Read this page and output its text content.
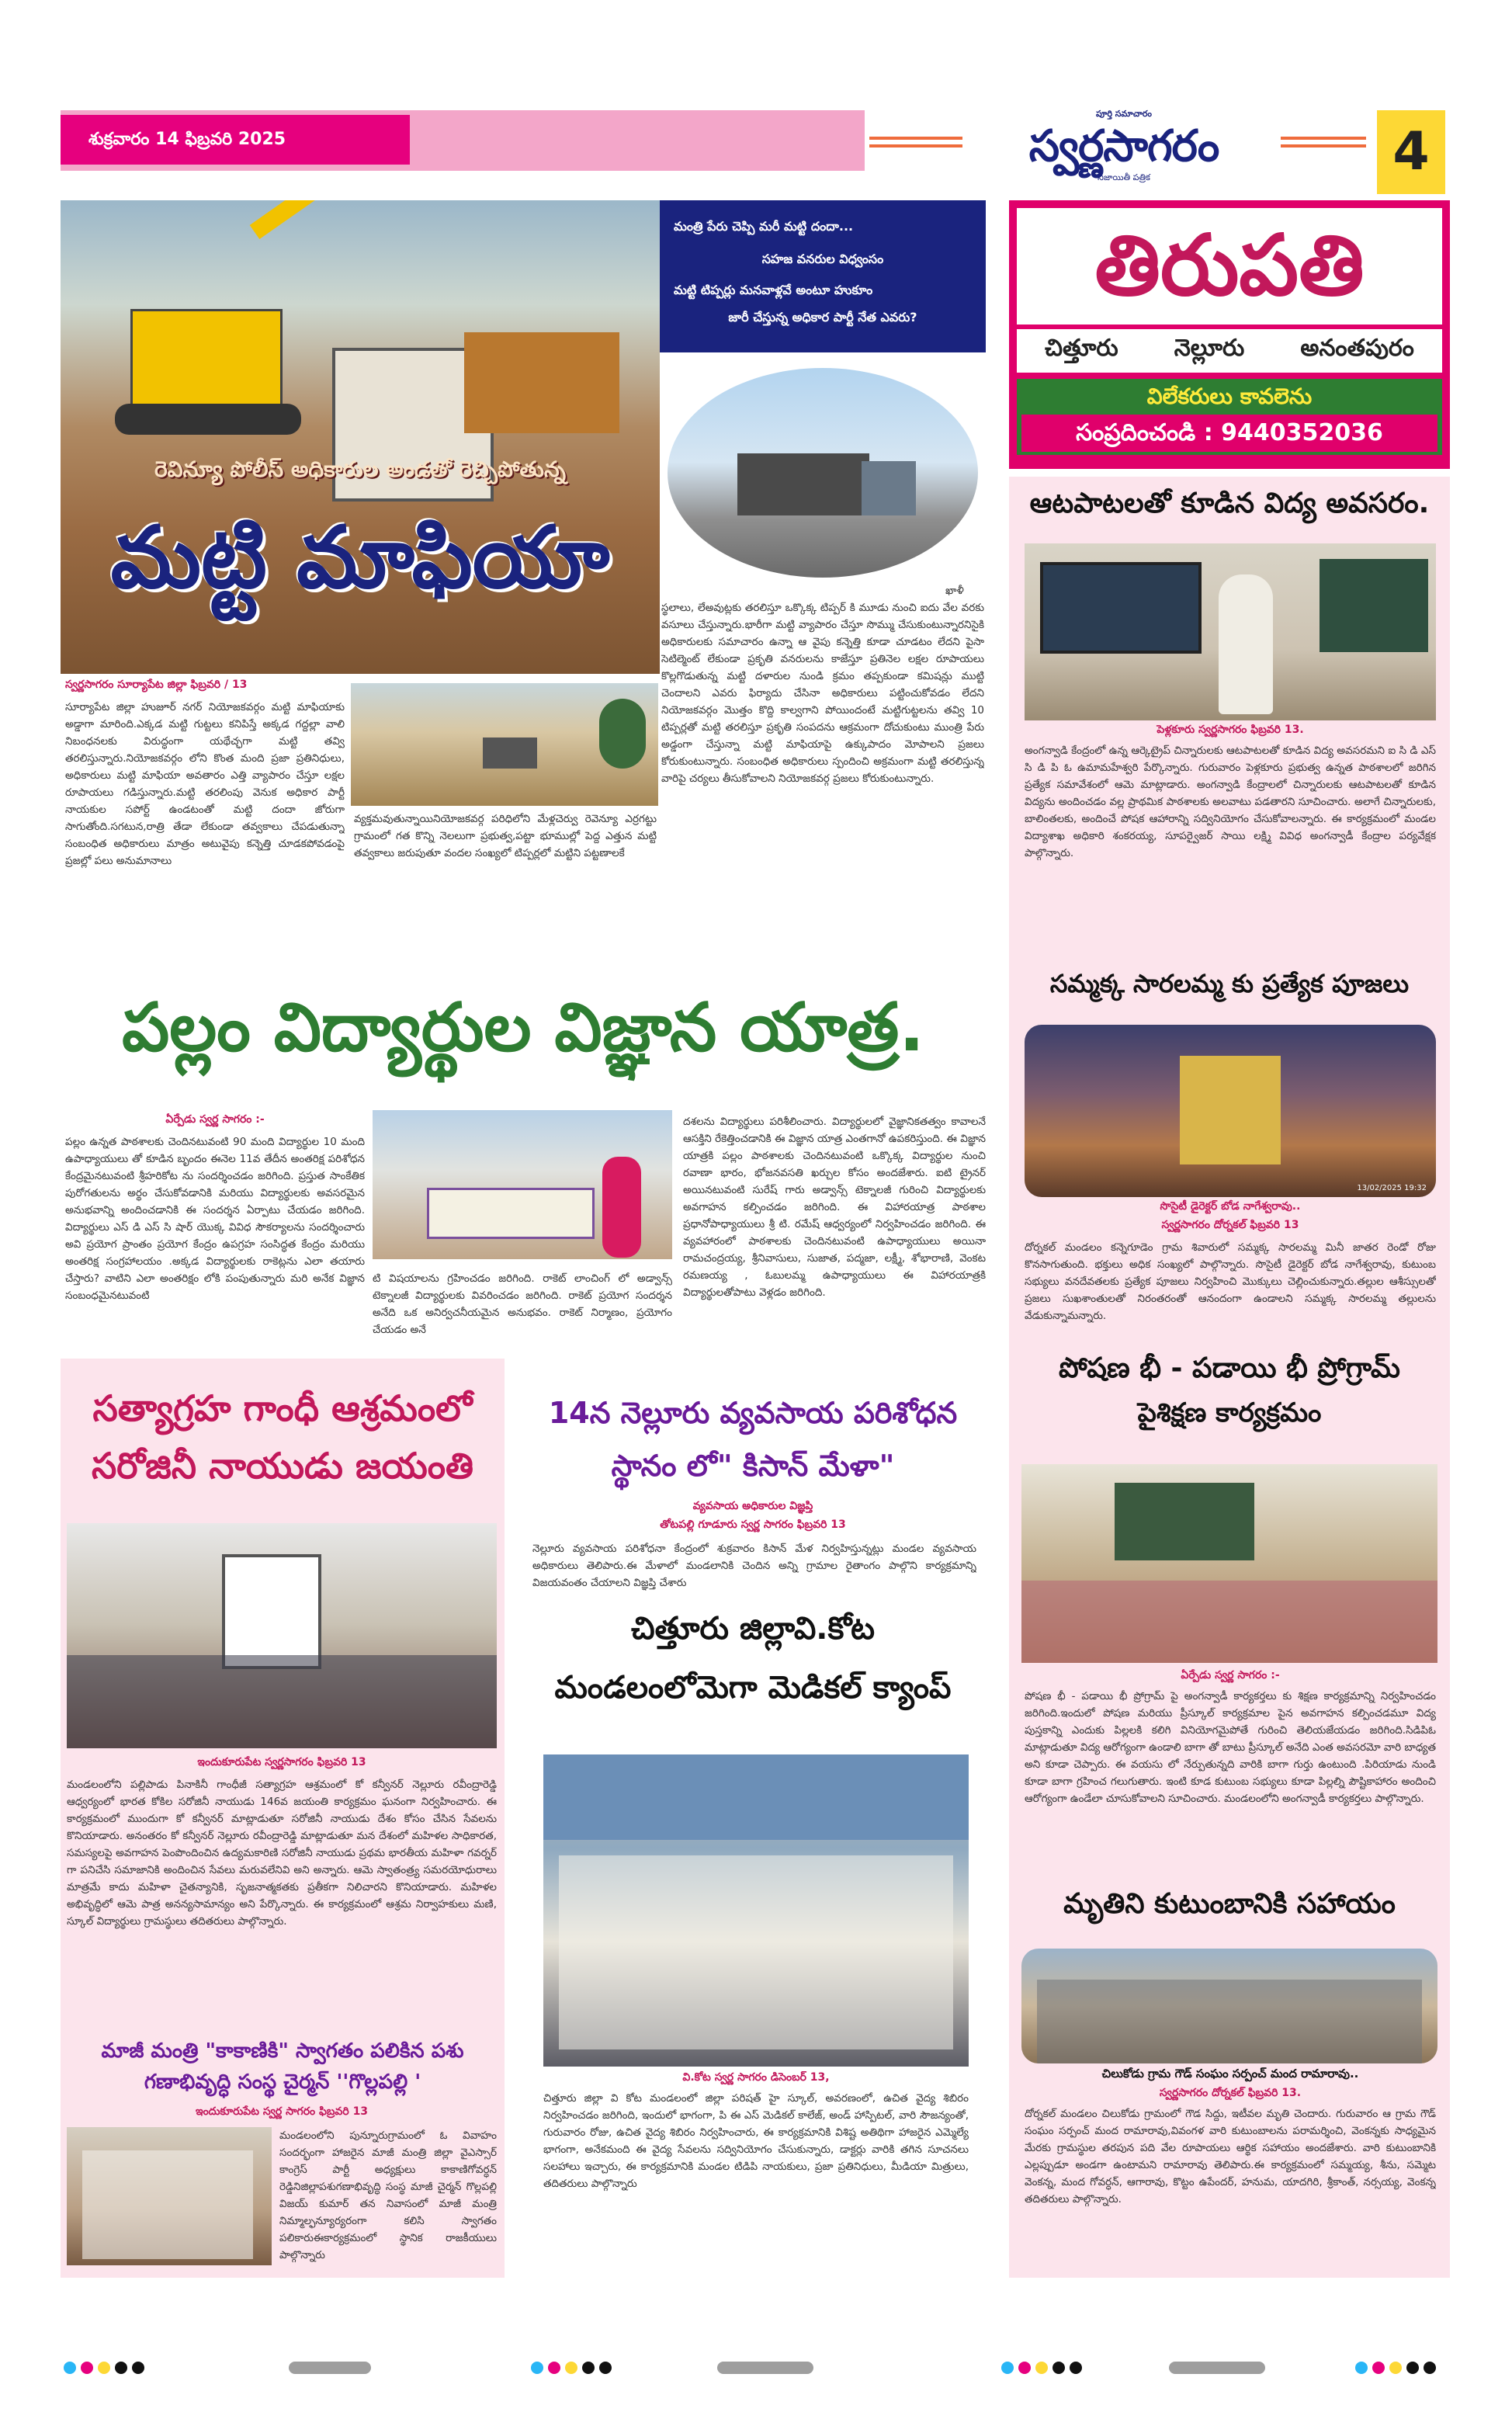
శుక్రవారం 14 ఫిబ్రవరి 2025
పూర్తి సమాచారం
స్వర్ణసాగరం
నిజాయితీ పత్రిక	4
రెవిన్యూ పోలీస్ అధికారుల అండతో రెచ్చిపోతున్న
మట్టి మాఫియా
మంత్రి పేరు చెప్పి మరీ మట్టి దందా...
సహజ వనరుల విధ్వంసం
మట్టి టిప్పర్లు మనవాళ్లవే అంటూ హుకూం
జారీ చేస్తున్న అధికార పార్టీ నేత ఎవరు?
ఖాళీ
స్థలాలు, లేఅవుట్లకు తరలిస్తూ ఒక్కొక్క టిప్పర్ కి మూడు నుంచి ఐదు వేల వరకు వసూలు చేస్తున్నారు.భారీగా మట్టి వ్యాపారం చేస్తూ సొమ్ము చేసుకుంటున్నారనిసైకి అధికారులకు సమాచారం ఉన్నా ఆ వైపు కన్నెత్తి కూడా చూడటం లేదని పైసా సెటిల్మెంట్ లేకుండా ప్రకృతి వనరులను కాజేస్తూ ప్రతినెల లక్షల రూపాయలు కొల్లగొడుతున్న మట్టి దళారుల నుండి క్రమం తప్పకుండా కమిషన్లు ముట్టి చెందాలని ఎవరు ఫిర్యాదు చేసినా అధికారులు పట్టించుకోవడం లేదని నియోజకవర్గం మొత్తం కొద్ది కాల్వగాని పోయిందంటే మట్టిగుట్టలను తవ్వి 10 టిప్పర్లతో మట్టి తరలిస్తూ ప్రకృతి సంపదను ఆక్రమంగా దోచుకుంటు ముంత్రి పేరు అడ్డంగా చేస్తున్నా మట్టి మాఫియాపై ఉక్కుపాదం మోపాలని ప్రజలు కోరుకుంటున్నారు. సంబంధిత అధికారులు స్పందించి అక్రమంగా మట్టి తరలిస్తున్న వారిపై చర్యలు తీసుకోవాలని నియోజకవర్గ ప్రజలు కోరుకుంటున్నారు.
స్వర్ణసాగరం సూర్యాపేట జిల్లా ఫిబ్రవరి / 13
సూర్యాపేట జిల్లా హుజూర్ నగర్ నియోజకవర్గం మట్టి మాఫియాకు అడ్డాగా మారింది.ఎక్కడ మట్టి గుట్టలు కనిపిస్తే అక్కడ గద్దల్లా వాలి నిబంధనలకు విరుద్ధంగా యథేచ్ఛగా మట్టి తవ్వి తరలిస్తున్నారు.నియోజకవర్గం లోని కొంత మంది ప్రజా ప్రతినిధులు, అధికారులు మట్టి మాఫియా అవతారం ఎత్తి వ్యాపారం చేస్తూ లక్షల రూపాయలు గడిస్తున్నారు.మట్టి తరలింపు వెనుక అధికార పార్టీ నాయకుల సపోర్ట్ ఉండటంతో మట్టి దందా జోరుగా సాగుతోంది.సగటున,రాత్రి తేడా లేకుండా తవ్వకాలు చేపడుతున్నా సంబంధిత అధికారులు మాత్రం అటువైపు కన్నెత్తి చూడకపోవడంపై ప్రజల్లో పలు అనుమానాలు
వ్యక్తమవుతున్నాయినియోజకవర్గ పరిధిలోని మేళ్లచెర్వు రెవెన్యూ ఎర్రగట్టు గ్రామంలో గత కొన్ని నెలలుగా ప్రభుత్వ,పట్టా భూముల్లో పెద్ద ఎత్తున మట్టి తవ్వకాలు జరుపుతూ వందల సంఖ్యలో టిప్పర్లలో మట్టిని పట్టణాలకే
తిరుపతి
చిత్తూరు నెల్లూరు అనంతపురం
విలేకరులు కావలెను
సంప్రదించండి : 9440352036
ఆటపాటలతో కూడిన విద్య అవసరం.
పెళ్లకూరు స్వర్ణసాగరం ఫిబ్రవరి 13.
అంగన్వాడి కేంద్రంలో ఉన్న ఆర్కెట్రైప్ చిన్నారులకు ఆటపాటలతో కూడిన విద్య అవసరమని ఐ సి డి ఎస్ సి డి పి ఓ ఉమామహేశ్వరి పేర్కొన్నారు. గురువారం పెళ్లకూరు ప్రభుత్వ ఉన్నత పాఠశాలలో జరిగిన ప్రత్యేక సమావేశంలో ఆమె మాట్లాడారు. అంగన్వాడి కేంద్రాలలో చిన్నారులకు ఆటపాటలతో కూడిన విద్యను అందించడం వల్ల ప్రాథమిక పాఠశాలకు అలవాటు పడతారని సూచించారు. అలాగే చిన్నారులకు, బాలింతలకు, అందించే పోషక ఆహారాన్ని సద్వినియోగం చేసుకోవాలన్నారు. ఈ కార్యక్రమంలో మండల విద్యాశాఖ అధికారి శంకరయ్య, సూపర్వైజర్ సాయి లక్ష్మి వివిధ అంగన్వాడీ కేంద్రాల పర్యవేక్షక పాల్గొన్నారు.
సమ్మక్క సారలమ్మ కు ప్రత్యేక పూజలు
13/02/2025 19:32
సొసైటీ డైరెక్టర్ బోడ నాగేశ్వరావు..
స్వర్ణసాగరం దోర్నకల్ ఫిబ్రవరి 13
దోర్నకల్ మండలం కన్నెగూడెం గ్రామ శివారులో సమ్మక్క సారలమ్మ మినీ జాతర రెండో రోజు కొనసాగుతుంది. భక్తులు అధిక సంఖ్యలో పాల్గొన్నారు. సొసైటీ డైరెక్టర్ బోడ నాగేశ్వరావు, కుటుంబ సభ్యులు వనదేవతలకు ప్రత్యేక పూజలు నిర్వహించి మొక్కులు చెల్లించుకున్నారు.తల్లుల ఆశీస్సులతో ప్రజలు సుఖశాంతులతో నిరంతరంతో ఆనందంగా ఉండాలని సమ్మక్క సారలమ్మ తల్లులను వేడుకున్నామన్నారు.
పోషణ భీ - పడాయి భీ ప్రోగ్రామ్
పైశిక్షణ కార్యక్రమం
ఏర్పేడు స్వర్ణ సాగరం :-
పోషణ భీ - పడాయి భీ ప్రోగ్రామ్ పై అంగన్వాడీ కార్యకర్తలు కు శిక్షణ కార్యక్రమాన్ని నిర్వహించడం జరిగింది.ఇందులో పోషణ మరియు ప్రీస్కూల్ కార్యక్రమాల పైన అవగాహన కల్పించడమూ విద్య పుస్తకాన్ని ఎందుకు పిల్లలకి కలిగి వినియోగమైపోతే గురించి తెలియజేయడం జరిగింది.సిడిపిఓ మాట్లాడుతూ విద్య ఆరోగ్యంగా ఉండాలి బాగా తో బాటు ప్రీస్కూల్ అనేది ఎంత అవసరమో వారి బాధ్యత అని కూడా చెప్పారు. ఈ వయసు లో నేర్పుతున్నది వారికి బాగా గుర్తు ఉంటుంది .పిరియాడు నుండి కూడా బాగా గ్రహించ గలుగుతారు. ఇంటి కూడ కుటుంబ సభ్యులు కూడా పిల్లల్ని పౌష్టికాహారం అందించి ఆరోగ్యంగా ఉండేలా చూసుకోవాలని సూచించారు. మండలంలోని అంగన్వాడీ కార్యకర్తలు పాల్గొన్నారు.
మృతిని కుటుంబానికి సహాయం
చిలుకోడు గ్రామ గౌడ్ సంఘం సర్పంచ్ మంద రామారావు..
స్వర్ణసాగరం దోర్నకల్ ఫిబ్రవరి 13.
దోర్నకల్ మండలం చిలుకోడు గ్రామంలో గౌడ సిద్దు, ఇటీవల మృతి చెందారు. గురువారం ఆ గ్రామ గౌడ్ సంఘం సర్పంచ్ మంద రామారావు,వివంగళ వారి కుటుంబాలను పరామర్శించి, వెంకన్నకు సాధ్యమైన మేరకు గ్రామస్థుల తరపున పది వేల రూపాయలు ఆర్థిక సహాయం అందజేశారు. వారి కుటుంబానికి ఎల్లప్పుడూ అండగా ఉంటామని రామారావు తెలిపారు.ఈ కార్యక్రమంలో సమ్మయ్య, శీను, సమ్మెట వెంకన్న, మంద గోవర్ధన్, ఆగారావు, కొట్టం ఉపేందర్, హనుమ, యాదగిరి, శ్రీకాంత్, నర్సయ్య, వెంకన్న తదితరులు పాల్గొన్నారు.
పల్లం విద్యార్థుల విజ్ఞాన యాత్ర.
ఏర్పేడు స్వర్ణ సాగరం :-
పల్లం ఉన్నత పాఠశాలకు చెందినటువంటి 90 మంది విద్యార్థుల 10 మంది ఉపాధ్యాయులు తో కూడిన బృందం ఈనెల 11వ తేదీన అంతరిక్ష పరిశోధన కేంద్రమైనటువంటి శ్రీహరికోట ను సందర్శించడం జరిగింది. ప్రస్తుత సాంకేతిక పురోగతులను అర్థం చేసుకోవడానికి మరియు విద్యార్థులకు అవసరమైన అనుభవాన్ని అందించడానికి ఈ సందర్శన ఏర్పాటు చేయడం జరిగింది. విద్యార్థులు ఎస్ డి ఎస్ సి షార్ యొక్క వివిధ సౌకర్యాలను సందర్శించారు అవి ప్రయోగ ప్రాంతం ప్రయోగ కేంద్రం ఉపగ్రహ సంసిద్ధత కేంద్రం మరియు అంతరిక్ష సంగ్రహాలయం .అక్కడ విద్యార్థులకు రాకెట్లను ఎలా తయారు చేస్తారు? వాటిని ఎలా అంతరిక్షం లోకి పంపుతున్నారు మరి అనేక విజ్ఞాన సంబంధమైనటువంటి
టి విషయాలను గ్రహించడం జరిగింది. రాకెట్ లాంచింగ్ లో అడ్వాన్స్ టెక్నాలజీ విద్యార్థులకు వివరించడం జరిగింది. రాకెట్ ప్రయోగ సందర్శన అనేది ఒక అనిర్వచనీయమైన అనుభవం. రాకెట్ నిర్మాణం, ప్రయోగం చేయడం అనే
దశలను విద్యార్థులు పరిశీలించారు. విద్యార్థులలో వైజ్ఞానికతత్వం కావాలనే ఆసక్తిని రేకెత్తించడానికి ఈ విజ్ఞాన యాత్ర ఎంతగానో ఉపకరిస్తుంది. ఈ విజ్ఞాన యాత్రకి పల్లం పాఠశాలకు చెందినటువంటి ఒక్కొక్క విద్యార్థుల నుంచి రవాణా భారం, భోజనవసతి ఖర్చుల కోసం అందజేశారు. ఐటి ట్రైనర్ అయినటువంటి సురేష్ గారు అడ్వాన్స్ టెక్నాలజీ గురించి విద్యార్థులకు అవగాహన కల్పించడం జరిగింది. ఈ విహారయాత్ర పాఠశాల ప్రధానోపాధ్యాయులు శ్రీ టి. రమేష్ ఆధ్వర్యంలో నిర్వహించడం జరిగింది. ఈ వ్యవహారంలో పాఠశాలకు చెందినటువంటి ఉపాధ్యాయులు అయినా రామచంద్రయ్య, శ్రీనివాసులు, సుజాత, పద్మజా, లక్ష్మీ, శోభారాణి, వెంకట రమణయ్య , ఓబులమ్మ ఉపాధ్యాయులు ఈ విహారయాత్రకి విద్యార్థులతోపాటు వెళ్లడం జరిగింది.
సత్యాగ్రహ గాంధీ ఆశ్రమంలో
సరోజినీ నాయుడు జయంతి
ఇందుకూరుపేట స్వర్ణసాగరం ఫిబ్రవరి 13
మండలంలోని పల్లిపాడు పినాకినీ గాంధీజీ సత్యాగ్రహ ఆశ్రమంలో కో కన్వీనర్ నెల్లూరు రవీంద్రారెడ్డి ఆధ్వర్యంలో భారత కోకిల సరోజినీ నాయుడు 146వ జయంతి కార్యక్రమం ఘనంగా నిర్వహించారు. ఈ కార్యక్రమంలో ముందుగా కో కన్వీనర్ మాట్లాడుతూ సరోజినీ నాయుడు దేశం కోసం చేసిన సేవలను కొనియాడారు. అనంతరం కో కన్వీనర్ నెల్లూరు రవీంద్రారెడ్డి మాట్లాడుతూ మన దేశంలో మహిళల సాధికారత, సమస్యలపై అవగాహన పెంపొందించిన ఉద్యమకారిణి సరోజినీ నాయుడు ప్రథమ భారతీయ మహిళా గవర్నర్ గా పనిచేసి సమాజానికి అందించిన సేవలు మరువలేనివి అని అన్నారు. ఆమె స్వాతంత్ర్య సమరయోధురాలు మాత్రమే కాదు మహిళా చైతన్యానికి, సృజనాత్మకతకు ప్రతీకగా నిలిచారని కొనియాడారు. మహిళల అభివృద్ధిలో ఆమె పాత్ర అనన్యసామాన్యం అని పేర్కొన్నారు. ఈ కార్యక్రమంలో ఆశ్రమ నిర్వాహకులు మణి, స్కూల్ విద్యార్థులు గ్రామస్థులు తదితరులు పాల్గొన్నారు.
మాజీ మంత్రి "కాకాణికి" స్వాగతం పలికిన పశు
గణాభివృద్ధి సంస్థ చైర్మన్ ''గొల్లపల్లి '
ఇందుకూరుపేట స్వర్ణ సాగరం ఫిబ్రవరి 13
మండలంలోని పున్నూరుగ్రామంలో ఓ వివాహం సందర్భంగా హాజరైన మాజీ మంత్రి జిల్లా వైఎస్సార్ కాంగ్రెస్ పార్టీ అధ్యక్షులు కాకాణిగోవర్ధన్ రెడ్డినిజిల్లాపశుగణాభివృద్ధి సంస్థ మాజీ చైర్మన్ గొల్లపల్లి విజయ్ కుమార్ తన నివాసంలో మాజీ మంత్రి నిమ్మాల్ఫన్యూర్యరంగా కలిసి స్వాగతం పలికారుఈకార్యక్రమంలో స్థానిక రాజకీయులు పాల్గొన్నారు
14న నెల్లూరు వ్యవసాయ పరిశోధన
స్థానం లో" కిసాన్ మేళా"
వ్యవసాయ అధికారుల విజ్ఞప్తి
తోటపల్లి గూడూరు స్వర్ణ సాగరం ఫిబ్రవరి 13
నెల్లూరు వ్యవసాయ పరిశోధనా కేంద్రంలో శుక్రవారం కిసాన్ మేళ నిర్వహిస్తున్నట్లు మండల వ్యవసాయ అధికారులు తెలిపారు.ఈ మేళాలో మండలానికి చెందిన అన్ని గ్రామాల రైతాంగం పాల్గొని కార్యక్రమాన్ని విజయవంతం చేయాలని విజ్ఞప్తి చేశారు
చిత్తూరు జిల్లావి.కోట
మండలంలోమెగా మెడికల్ క్యాంప్
వి.కోట స్వర్ణ సాగరం డిసెంబర్ 13,
చిత్తూరు జిల్లా వి కోట మండలంలో జిల్లా పరిషత్ హై స్కూల్, అవరణంలో, ఉచిత వైద్య శిబిరం నిర్వహించడం జరిగింది, ఇందులో భాగంగా, పి ఈ ఎస్ మెడికల్ కాలేజ్, అండ్ హాస్పిటల్, వారి సౌజన్యంతో, గురువారం రోజు, ఉచిత వైద్య శిబిరం నిర్వహించారు, ఈ కార్యక్రమానికి విశిష్ట అతిథిగా హాజరైన ఎమ్మెల్యే భాగంగా, అనేకమంది ఈ వైద్య సేవలను సద్వినియోగం చేసుకున్నారు, డాక్టర్లు వారికి తగిన సూచనలు సలహాలు ఇచ్చారు, ఈ కార్యక్రమానికి మండల టిడిపి నాయకులు, ప్రజా ప్రతినిధులు, మీడియా మిత్రులు, తదితరులు పాల్గొన్నారు
